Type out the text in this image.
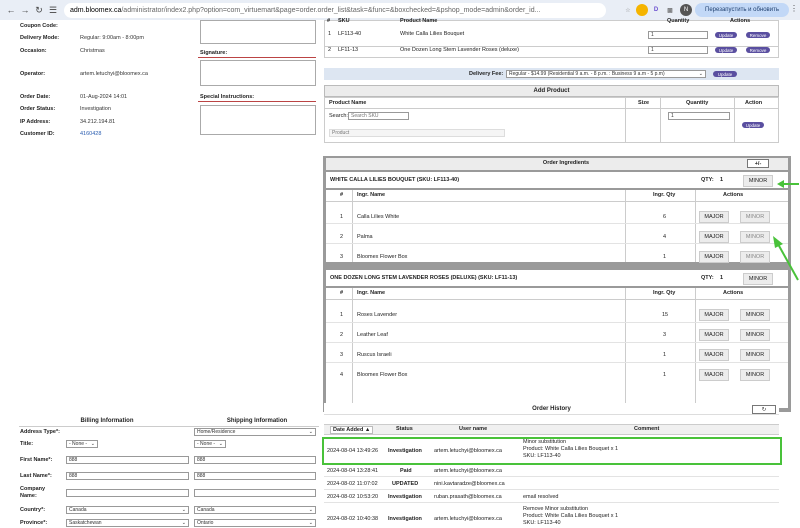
← → ↻ ☰	adm.bloomex.ca /administrator/index2.php?option=com_virtuemart&page=order.order_list&task=&func=&boxchecked=&pshop_mode=admin&order_id...	☆	D	▩	N	Перезапустить и обновить	⋮
Coupon Code:
Delivery Mode:	Regular: 9:00am - 8:00pm
Occasion:	Christmas	Signature:
Operator:	artem.letuchyi@bloomex.ca
Order Date:	01-Aug-2024 14:01	Special Instructions:
Order Status:	Investigation
IP Address:	34.212.194.81
Customer ID:	4160428
# SKU	Product Name	Quantity	Actions
1 LF113-40	White Calla Lilies Bouquet	1	Update	Remove
2 LF11-13	One Dozen Long Stem Lavender Roses (deluxe)	1	Update	Remove
Delivery Fee: Regular - $14.99 (Residential 9 a.m. - 8 p.m. : Business 9 a.m - 5 p.m)	⌄	Update
Add Product
Product Name	Size	Quantity	Action
Search:
Search SKU
Product	1
Update
Order Ingredients	+/-
WHITE CALLA LILIES BOUQUET (SKU: LF113-40)	QTY: 1	MINOR
#	Ingr. Name	Ingr. Qty	Actions
1	Calla Lilies White	6	MAJOR	MINOR
2	Palma	4	MAJOR	MINOR
3	Bloomex Flower Box	1	MAJOR	MINOR
ONE DOZEN LONG STEM LAVENDER ROSES (DELUXE) (SKU: LF11-13)	QTY: 1	MINOR
#	Ingr. Name	Ingr. Qty	Actions
1	Roses Lavender	15	MAJOR	MINOR
2	Leather Leaf	3	MAJOR	MINOR
3	Ruscus Israeli	1	MAJOR	MINOR
4	Bloomex Flower Box	1	MAJOR	MINOR
Billing Information	Shipping Information
Address Type*:	Home/Residence	⌄
Title:	- None - ⌄	- None - ⌄
First Name*:	888	888
Last Name*:	888	888
Company Name:
Country*:	Canada	⌄ Canada	⌄
Province*:	Saskatchewan	⌄ Ontario	⌄
Order History	↻
Date Added ▲	Status	User name	Comment
2024-08-04 13:49:26 Investigation artem.letuchyi@bloomex.ca
Minor substitution
Product: White Calla Lilies Bouquet x 1
SKU: LF113-40
2024-08-04 13:28:41	Paid	artem.letuchyi@bloomex.ca
2024-08-02 11:07:02	UPDATED	nini.kavtaradze@bloomex.ca
2024-08-02 10:53:20 Investigation ruban.prasath@bloomex.ca	email resolved
2024-08-02 10:40:38 Investigation artem.letuchyi@bloomex.ca
Remove Minor substitution
Product: White Calla Lilies Bouquet x 1
SKU: LF113-40
